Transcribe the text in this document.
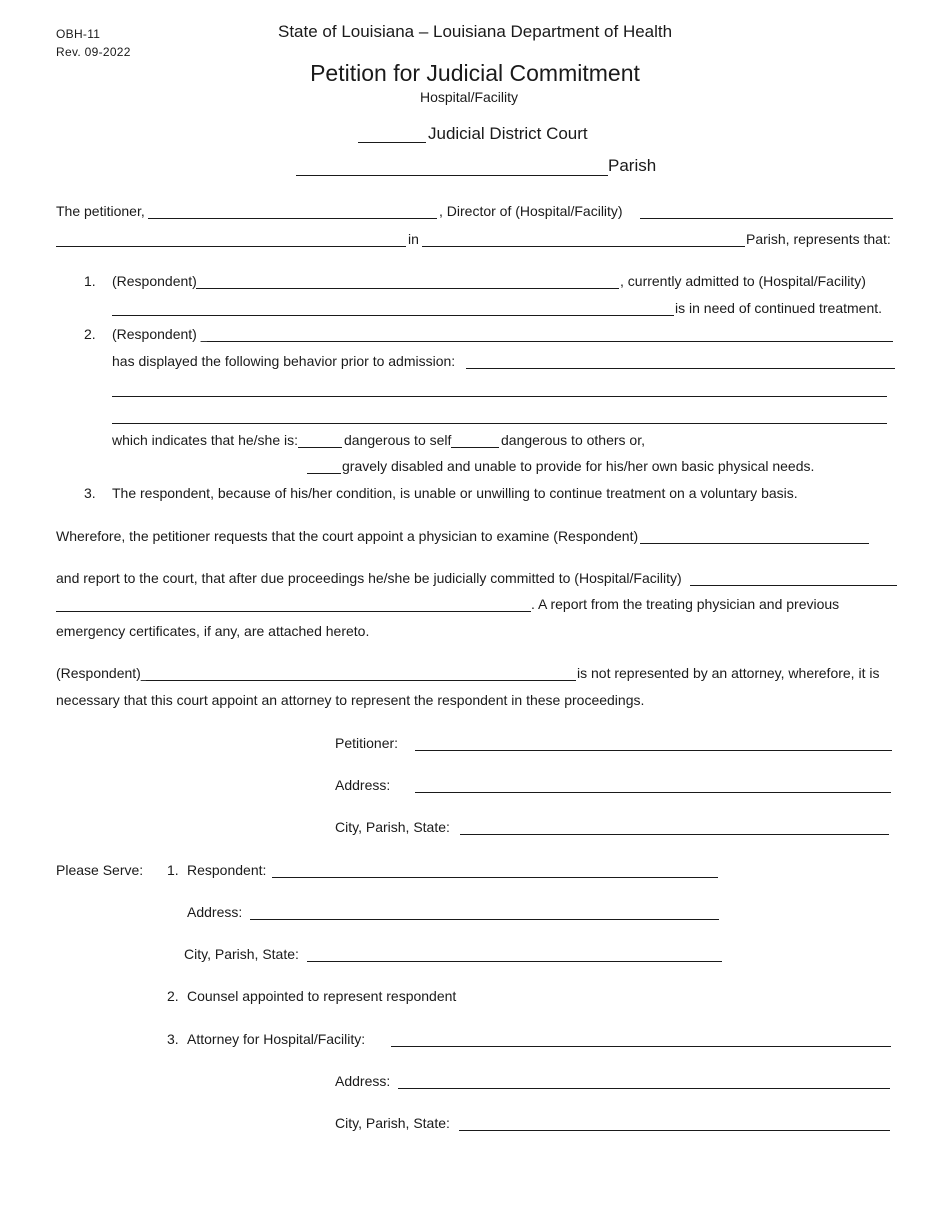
OBH-11
Rev. 09-2022
State of Louisiana – Louisiana Department of Health
Petition for Judicial Commitment
Hospital/Facility
Judicial District Court
Parish
The petitioner,	, Director of (Hospital/Facility)
in	Parish, represents that:
1. (Respondent)	, currently admitted to (Hospital/Facility)
is in need of continued treatment.
2. (Respondent) _
has displayed the following behavior prior to admission:
which indicates that he/she is:	dangerous to self	dangerous to others or,
gravely disabled and unable to provide for his/her own basic physical needs.
3. The respondent, because of his/her condition, is unable or unwilling to continue treatment on a voluntary basis.
Wherefore, the petitioner requests that the court appoint a physician to examine (Respondent)
and report to the court, that after due proceedings he/she be judicially committed to (Hospital/Facility)
. A report from the treating physician and previous
emergency certificates, if any, are attached hereto.
(Respondent)_	is not represented by an attorney, wherefore, it is
necessary that this court appoint an attorney to represent the respondent in these proceedings.
Petitioner:
Address:
City, Parish, State:
Please Serve: 1. Respondent:
Address:
City, Parish, State:
2. Counsel appointed to represent respondent
3. Attorney for Hospital/Facility:
Address:
City, Parish, State:
